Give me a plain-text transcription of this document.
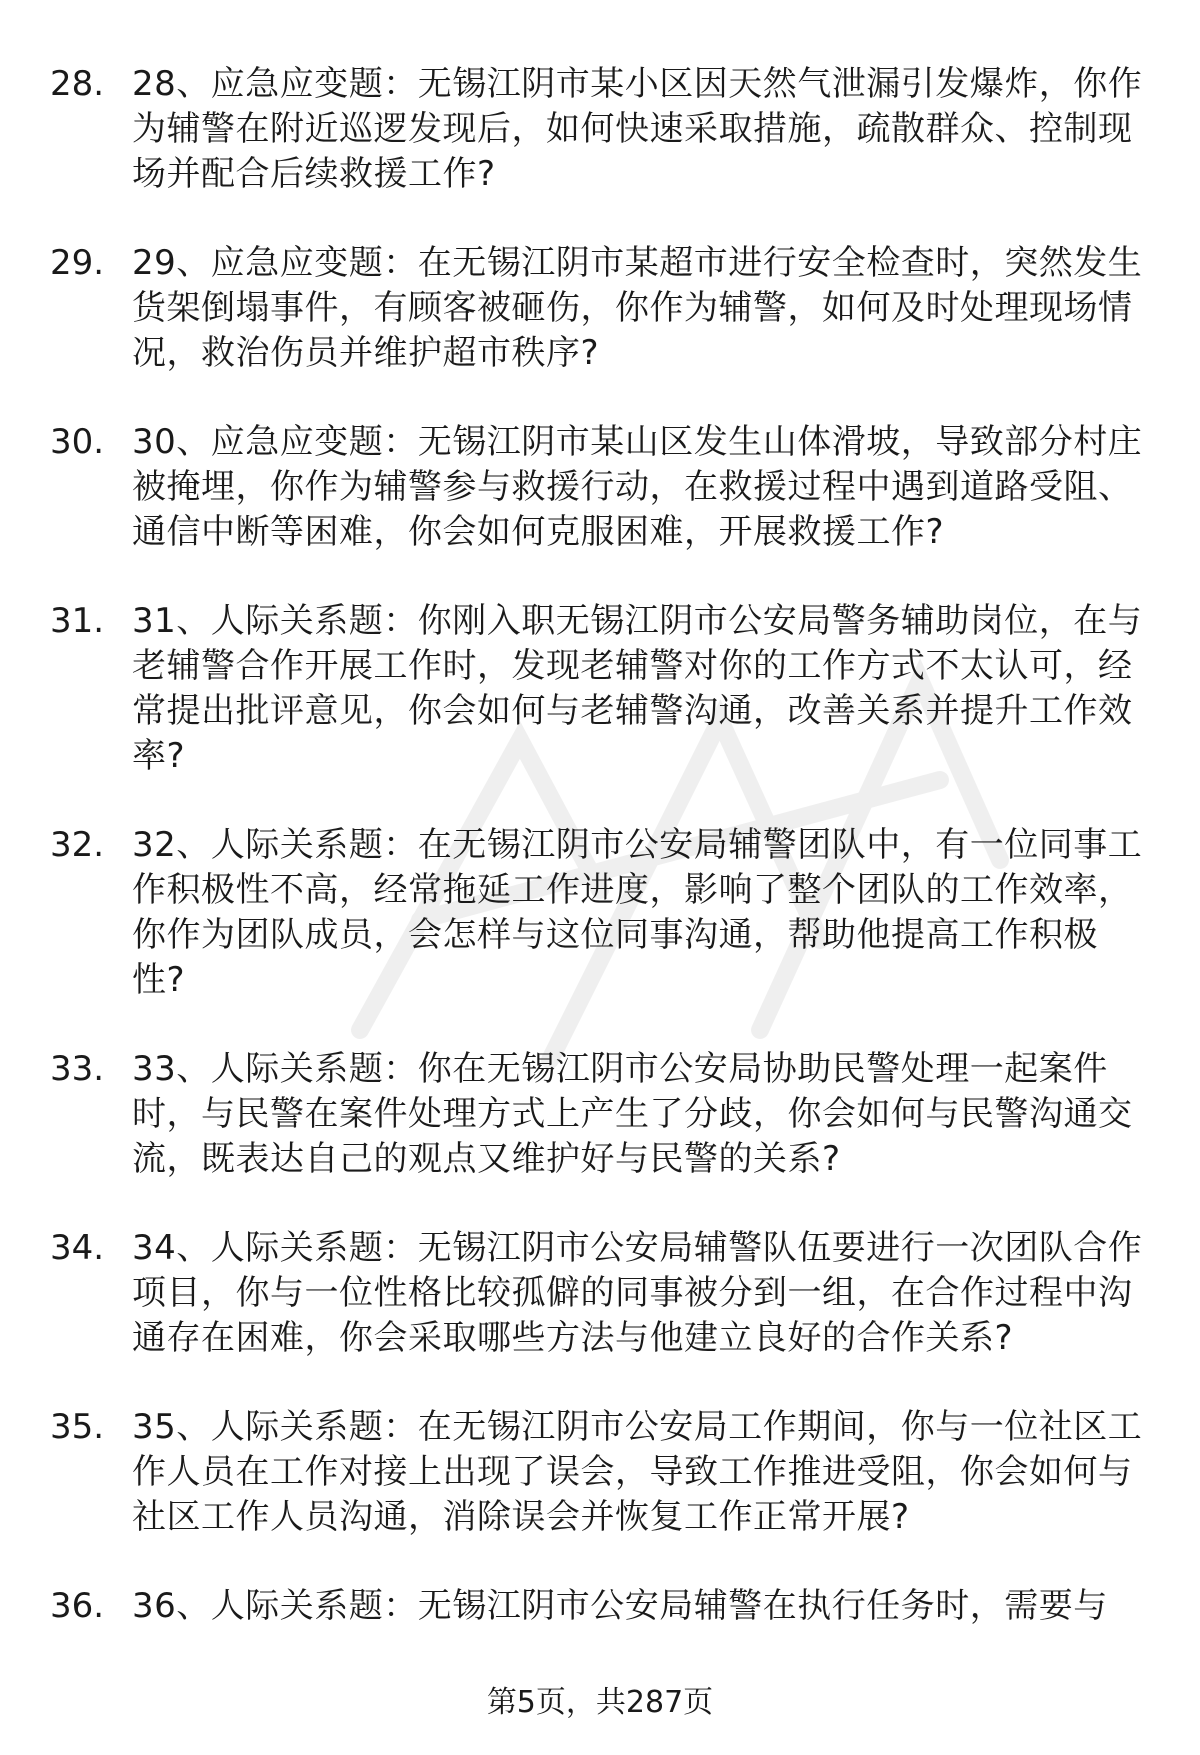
28. 28、应急应变题：无锡江阴市某小区因天然气泄漏引发爆炸，你作为辅警在附近巡逻发现后，如何快速采取措施，疏散群众、控制现场并配合后续救援工作?
29. 29、应急应变题：在无锡江阴市某超市进行安全检查时，突然发生货架倒塌事件，有顾客被砸伤，你作为辅警，如何及时处理现场情况，救治伤员并维护超市秩序?
30. 30、应急应变题：无锡江阴市某山区发生山体滑坡，导致部分村庄被掩埋，你作为辅警参与救援行动，在救援过程中遇到道路受阻、通信中断等困难，你会如何克服困难，开展救援工作?
31. 31、人际关系题：你刚入职无锡江阴市公安局警务辅助岗位，在与老辅警合作开展工作时，发现老辅警对你的工作方式不太认可，经常提出批评意见，你会如何与老辅警沟通，改善关系并提升工作效率?
32. 32、人际关系题：在无锡江阴市公安局辅警团队中，有一位同事工作积极性不高，经常拖延工作进度，影响了整个团队的工作效率，你作为团队成员，会怎样与这位同事沟通，帮助他提高工作积极性?
33. 33、人际关系题：你在无锡江阴市公安局协助民警处理一起案件时，与民警在案件处理方式上产生了分歧，你会如何与民警沟通交流，既表达自己的观点又维护好与民警的关系?
34. 34、人际关系题：无锡江阴市公安局辅警队伍要进行一次团队合作项目，你与一位性格比较孤僻的同事被分到一组，在合作过程中沟通存在困难，你会采取哪些方法与他建立良好的合作关系?
35. 35、人际关系题：在无锡江阴市公安局工作期间，你与一位社区工作人员在工作对接上出现了误会，导致工作推进受阻，你会如何与社区工作人员沟通，消除误会并恢复工作正常开展?
36. 36、人际关系题：无锡江阴市公安局辅警在执行任务时，需要与
第5页，共287页
